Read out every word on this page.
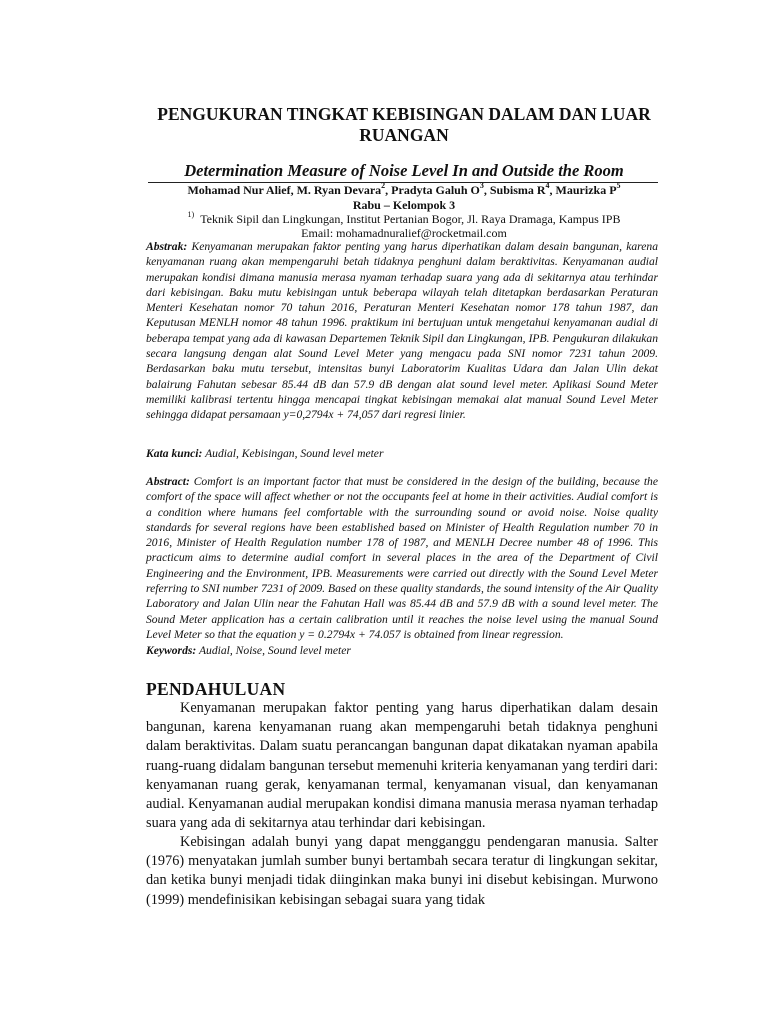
PENGUKURAN TINGKAT KEBISINGAN DALAM DAN LUAR RUANGAN
Determination Measure of Noise Level In and Outside the Room
Mohamad Nur Alief, M. Ryan Devara$^2$, Pradyta Galuh $O^3$, Subisma $R^4$, Maurizka $P^5$
Rabu – Kelompok 3
$^{1)}$ Teknik Sipil dan Lingkungan, Institut Pertanian Bogor, Jl. Raya Dramaga, Kampus IPB
Email: mohamadnuralief@rocketmail.com
Abstrak: Kenyamanan merupakan faktor penting yang harus diperhatikan dalam desain bangunan, karena kenyamanan ruang akan mempengaruhi betah tidaknya penghuni dalam beraktivitas. Kenyamanan audial merupakan kondisi dimana manusia merasa nyaman terhadap suara yang ada di sekitarnya atau terhindar dari kebisingan. Baku mutu kebisingan untuk beberapa wilayah telah ditetapkan berdasarkan Peraturan Menteri Kesehatan nomor 70 tahun 2016, Peraturan Menteri Kesehatan nomor 178 tahun 1987, dan Keputusan MENLH nomor 48 tahun 1996. praktikum ini bertujuan untuk mengetahui kenyamanan audial di beberapa tempat yang ada di kawasan Departemen Teknik Sipil dan Lingkungan, IPB. Pengukuran dilakukan secara langsung dengan alat Sound Level Meter yang mengacu pada SNI nomor 7231 tahun 2009. Berdasarkan baku mutu tersebut, intensitas bunyi Laboratorim Kualitas Udara dan Jalan Ulin dekat balairung Fahutan sebesar 85.44 dB dan 57.9 dB dengan alat sound level meter. Aplikasi Sound Meter memiliki kalibrasi tertentu hingga mencapai tingkat kebisingan memakai alat manual Sound Level Meter sehingga didapat persamaan y=0,2794x + 74,057 dari regresi linier.
Kata kunci: Audial, Kebisingan, Sound level meter
Abstract: Comfort is an important factor that must be considered in the design of the building, because the comfort of the space will affect whether or not the occupants feel at home in their activities. Audial comfort is a condition where humans feel comfortable with the surrounding sound or avoid noise. Noise quality standards for several regions have been established based on Minister of Health Regulation number 70 in 2016, Minister of Health Regulation number 178 of 1987, and MENLH Decree number 48 of 1996. This practicum aims to determine audial comfort in several places in the area of the Department of Civil Engineering and the Environment, IPB. Measurements were carried out directly with the Sound Level Meter referring to SNI number 7231 of 2009. Based on these quality standards, the sound intensity of the Air Quality Laboratory and Jalan Ulin near the Fahutan Hall was 85.44 dB and 57.9 dB with a sound level meter. The Sound Meter application has a certain calibration until it reaches the noise level using the manual Sound Level Meter so that the equation y = 0.2794x + 74.057 is obtained from linear regression.
Keywords: Audial, Noise, Sound level meter
PENDAHULUAN
Kenyamanan merupakan faktor penting yang harus diperhatikan dalam desain bangunan, karena kenyamanan ruang akan mempengaruhi betah tidaknya penghuni dalam beraktivitas. Dalam suatu perancangan bangunan dapat dikatakan nyaman apabila ruang-ruang didalam bangunan tersebut memenuhi kriteria kenyamanan yang terdiri dari: kenyamanan ruang gerak, kenyamanan termal, kenyamanan visual, dan kenyamanan audial. Kenyamanan audial merupakan kondisi dimana manusia merasa nyaman terhadap suara yang ada di sekitarnya atau terhindar dari kebisingan.
Kebisingan adalah bunyi yang dapat mengganggu pendengaran manusia. Salter (1976) menyatakan jumlah sumber bunyi bertambah secara teratur di lingkungan sekitar, dan ketika bunyi menjadi tidak diinginkan maka bunyi ini disebut kebisingan. Murwono (1999) mendefinisikan kebisingan sebagai suara yang tidak
